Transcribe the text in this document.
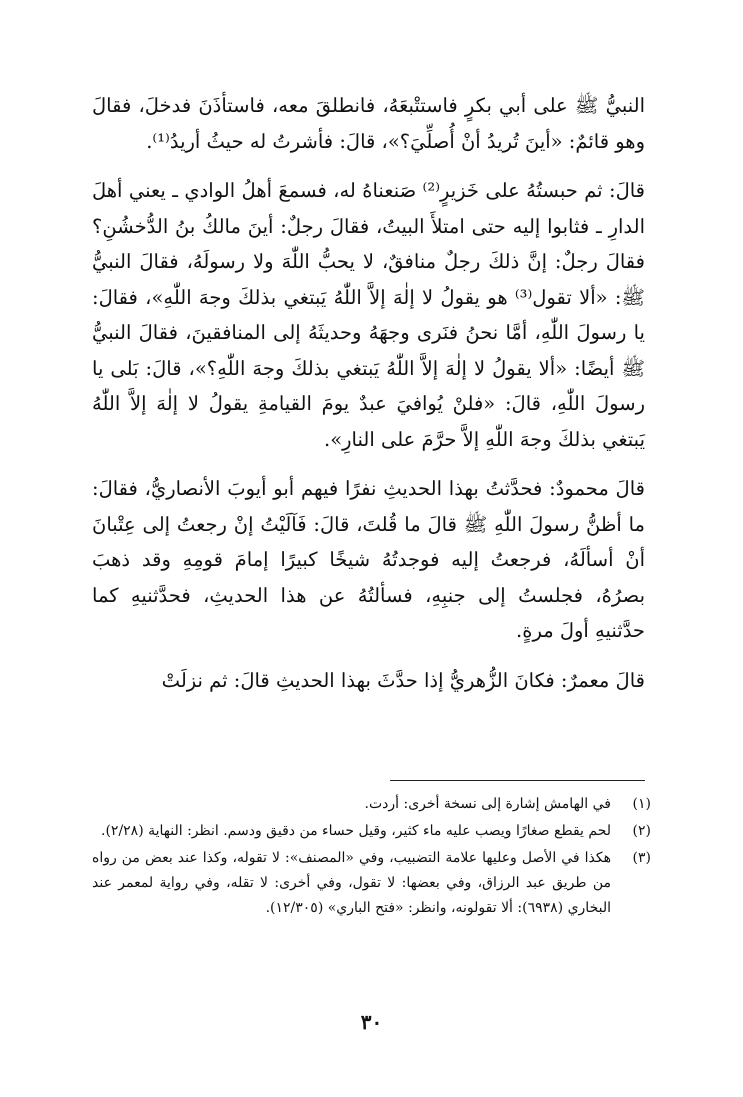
النبيُّ ﷺ على أبي بكرٍ فاستتْبعَهُ، فانطلقَ معه، فاستأذَنَ فدخلَ، فقالَ وهو قائمٌ: «أينَ تُريدُ أنْ أُصلِّيَ؟»، قالَ: فأشرتُ له حيثُ أريدُ⁽¹⁾.

قالَ: ثم حبستُهُ على خَزيرٍ⁽²⁾ صَنعناهُ له، فسمعَ أهلُ الوادي ـ يعني أهلَ الدارِ ـ فثابوا إليه حتى امتلأَ البيتُ، فقالَ رجلٌ: أينَ مالكُ بنُ الدُّخشُنِ؟ فقالَ رجلٌ: إنَّ ذلكَ رجلٌ منافقٌ، لا يحبُّ اللّٰهَ ولا رسولَهُ، فقالَ النبيُّ ﷺ: «ألا تقول⁽³⁾ هو يقولُ لا إلٰهَ إلاَّ اللّٰهُ يَبتغي بذلكَ وجهَ اللّٰهِ»، فقالَ: يا رسولَ اللّٰهِ، أمَّا نحنُ فنَرى وجهَهُ وحديثَهُ إلى المنافقينَ، فقالَ النبيُّ ﷺ أيضًا: «ألا يقولُ لا إلٰهَ إلاَّ اللّٰهُ يَبتغي بذلكَ وجهَ اللّٰهِ؟»، قالَ: بَلى يا رسولَ اللّٰهِ، قالَ: «فلنْ يُوافيَ عبدٌ يومَ القيامةِ يقولُ لا إلٰهَ إلاَّ اللّٰهُ يَبتغي بذلكَ وجهَ اللّٰهِ إلاَّ حرَّمَ على النارِ».

قالَ محمودٌ: فحدَّثتُ بهذا الحديثِ نفرًا فيهم أبو أيوبَ الأنصاريُّ، فقالَ: ما أظنُّ رسولَ اللّٰهِ ﷺ قالَ ما قُلتَ، قالَ: فَآلَيْتُ إنْ رجعتُ إلى عِتْبانَ أنْ أسألَهُ، فرجعتُ إليه فوجدتُهُ شيخًا كبيرًا إمامَ قومِهِ وقد ذهبَ بصرُهُ، فجلستُ إلى جنبِهِ، فسألتُهُ عن هذا الحديثِ، فحدَّثنيهِ كما حدَّثنيهِ أولَ مرةٍ.

قالَ معمرٌ: فكانَ الزُّهريُّ إذا حدَّثَ بهذا الحديثِ قالَ: ثم نزلَتْ

(١)
في الهامش إشارة إلى نسخة أخرى: أردت.
(٢)
لحم يقطع صغارًا ويصب عليه ماء كثير، وقيل حساء من دقيق ودسم. انظر: النهاية (٢/٢٨).
(٣)
هكذا في الأصل وعليها علامة التضبيب، وفي «المصنف»: لا تقوله، وكذا عند بعض من رواه من طريق عبد الرزاق، وفي بعضها: لا تقول، وفي أخرى: لا تقله، وفي رواية لمعمر عند البخاري (٦٩٣٨): ألا تقولونه، وانظر: «فتح الباري» (١٢/٣٠٥).
٣٠
